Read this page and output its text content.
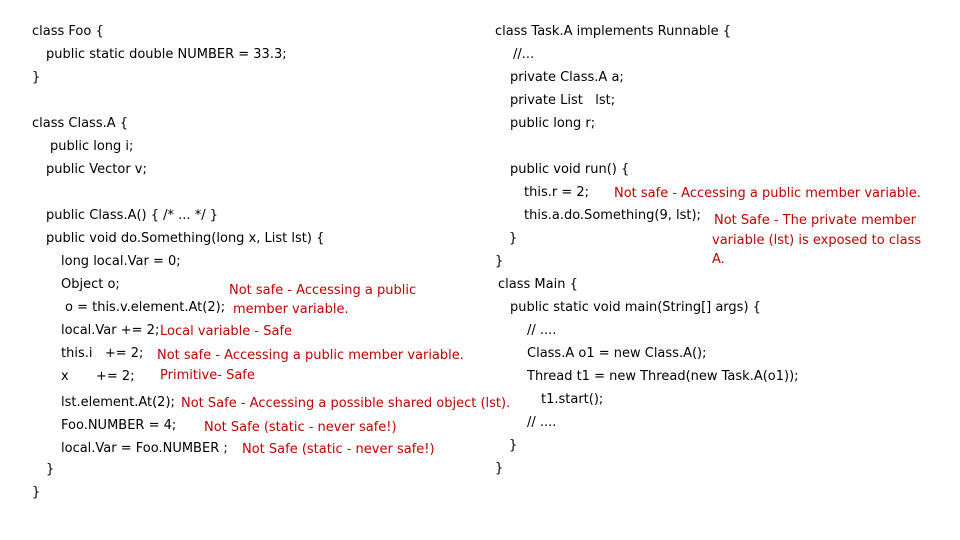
class Foo {
public static double NUMBER = 33.3;
}
class Class.A {
public long i;
public Vector v;
public Class.A() { /* ... */ }
public void do.Something(long x, List lst) {
long local.Var = 0;
Object o;
o = this.v.element.At(2);
local.Var += 2;
this.i   += 2;
x += 2;
lst.element.At(2);
Foo.NUMBER = 4;
local.Var = Foo.NUMBER ;
}
}
Not safe - Accessing a public
member variable.
Local variable - Safe
Not safe - Accessing a public member variable.
Primitive- Safe
Not Safe - Accessing a possible shared object (lst).
Not Safe (static - never safe!)
Not Safe (static - never safe!)
class Task.A implements Runnable {
//...
private Class.A a;
private List   lst;
public long r;
public void run() {
this.r = 2;
this.a.do.Something(9, lst);
}
}
class Main {
public static void main(String[] args) {
// ....
Class.A o1 = new Class.A();
Thread t1 = new Thread(new Task.A(o1));
t1.start();
// ....
}
}
Not safe - Accessing a public member variable.
Not Safe - The private member
variable (lst) is exposed to class
A.
